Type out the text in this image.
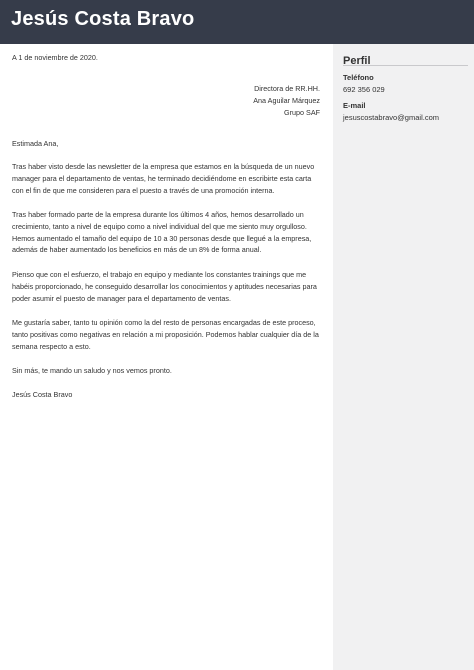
Jesús Costa Bravo
A 1 de noviembre de 2020.
Directora de RR.HH.
Ana Aguilar Márquez
Grupo SAF

Estimada Ana,

Tras haber visto desde las newsletter de la empresa que estamos en la búsqueda de un nuevo manager para el departamento de ventas, he terminado decidiéndome en escribirte esta carta con el fin de que me consideren para el puesto a través de una promoción interna.

Tras haber formado parte de la empresa durante los últimos 4 años, hemos desarrollado un crecimiento, tanto a nivel de equipo como a nivel individual del que me siento muy orgulloso. Hemos aumentado el tamaño del equipo de 10 a 30 personas desde que llegué a la empresa, además de haber aumentado los beneficios en más de un 8% de forma anual.

Pienso que con el esfuerzo, el trabajo en equipo y mediante los constantes trainings que me habéis proporcionado, he conseguido desarrollar los conocimientos y aptitudes necesarias para poder asumir el puesto de manager para el departamento de ventas.

Me gustaría saber, tanto tu opinión como la del resto de personas encargadas de este proceso, tanto positivas como negativas en relación a mi proposición. Podemos hablar cualquier día de la semana respecto a esto.

Sin más, te mando un saludo y nos vemos pronto.

Jesús Costa Bravo

Perfil
Teléfono
692 356 029
E-mail
jesuscostabravo@gmail.com
